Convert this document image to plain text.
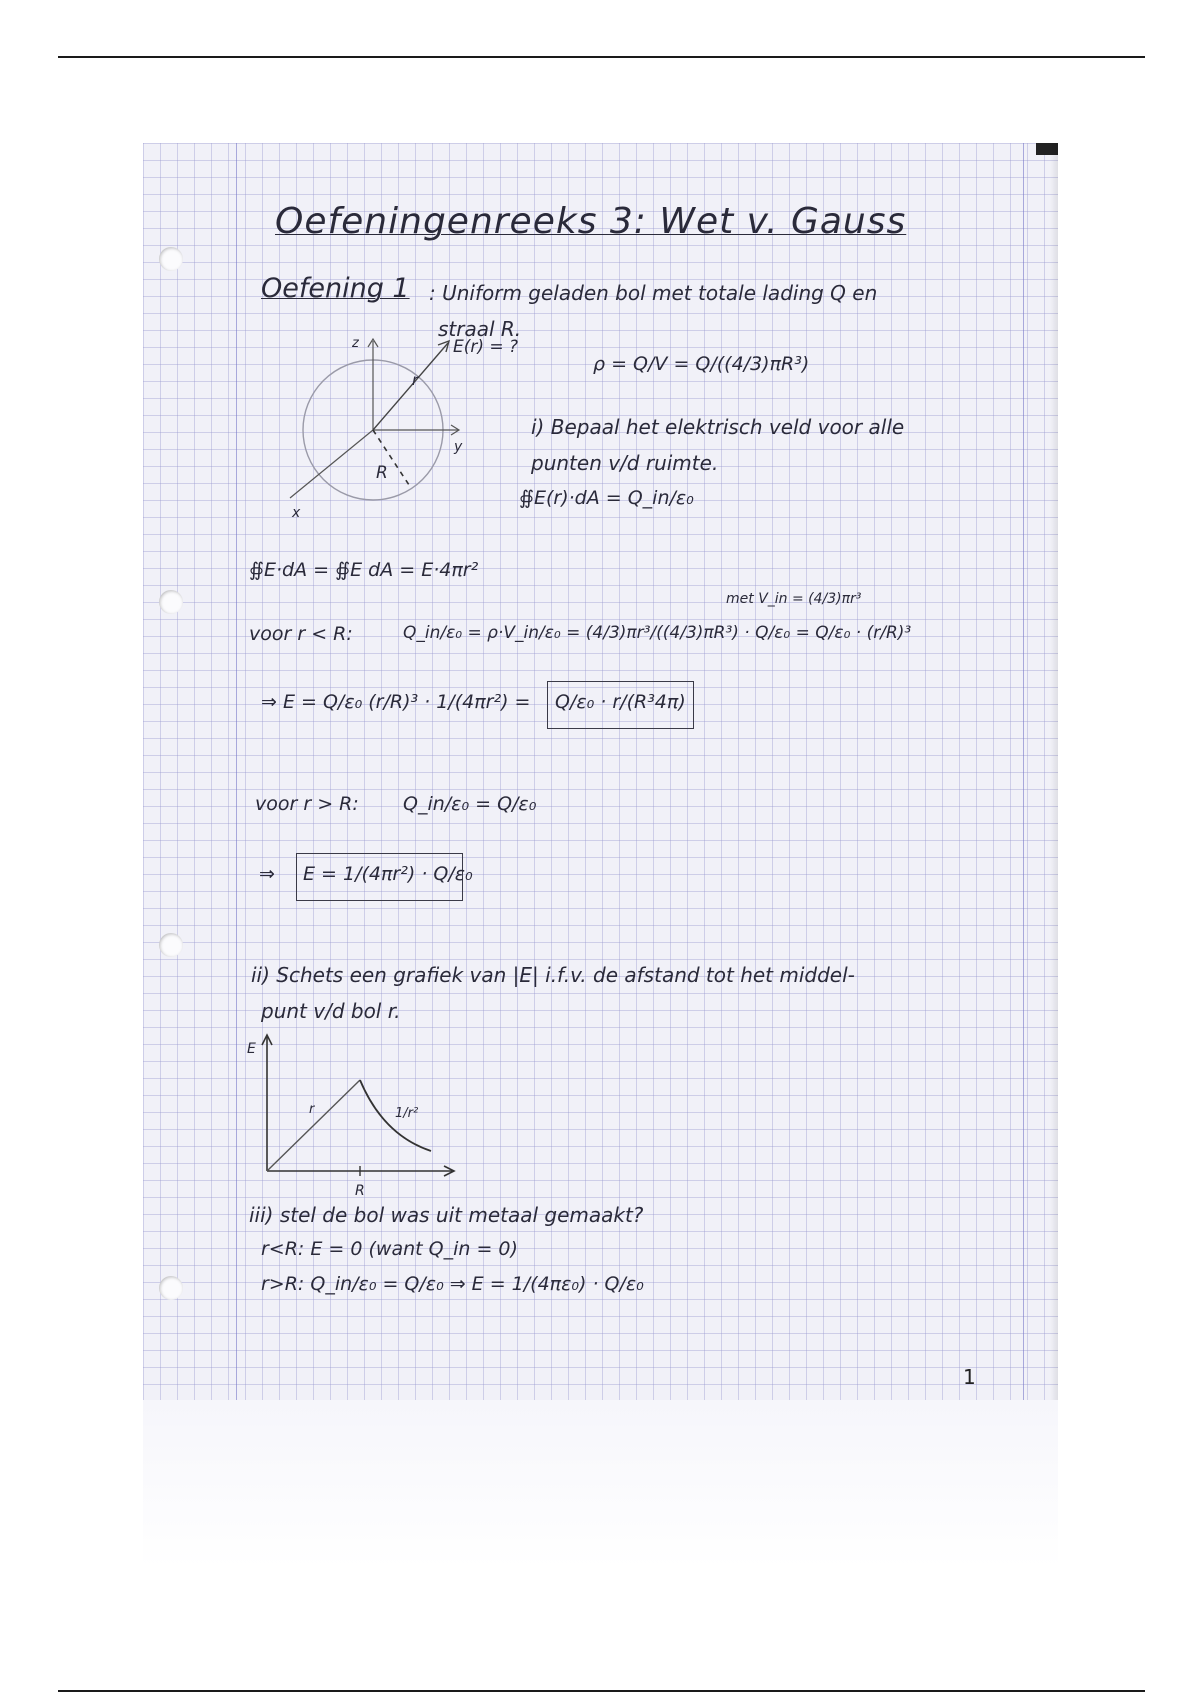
Oefeningenreeks 3: Wet v. Gauss
Oefening 1 : Uniform geladen bol met totale lading Q en
straal R.
z
y
x
r
R
E(r) = ?
ρ = Q/V = Q/((4/3)πR³)
i) Bepaal het elektrisch veld voor alle
punten v/d ruimte.
∯E(r)·dA = Q_in/ε₀
∯E·dA = ∯E dA = E·4πr²
met V_in = (4/3)πr³
voor r < R:	Q_in/ε₀ = ρ·V_in/ε₀ = (4/3)πr³/((4/3)πR³) · Q/ε₀ = Q/ε₀ · (r/R)³
⇒ E = Q/ε₀ (r/R)³ · 1/(4πr²) = Q/ε₀ · r/(R³4π)
voor r > R: Q_in/ε₀ = Q/ε₀
⇒ E = 1/(4πr²) · Q/ε₀
ii) Schets een grafiek van |E| i.f.v. de afstand tot het middel-
punt v/d bol r.
E
R
r	1/r²
iii) stel de bol was uit metaal gemaakt?
r<R: E = 0 (want Q_in = 0)
r>R: Q_in/ε₀ = Q/ε₀ ⇒ E = 1/(4πε₀) · Q/ε₀
1
